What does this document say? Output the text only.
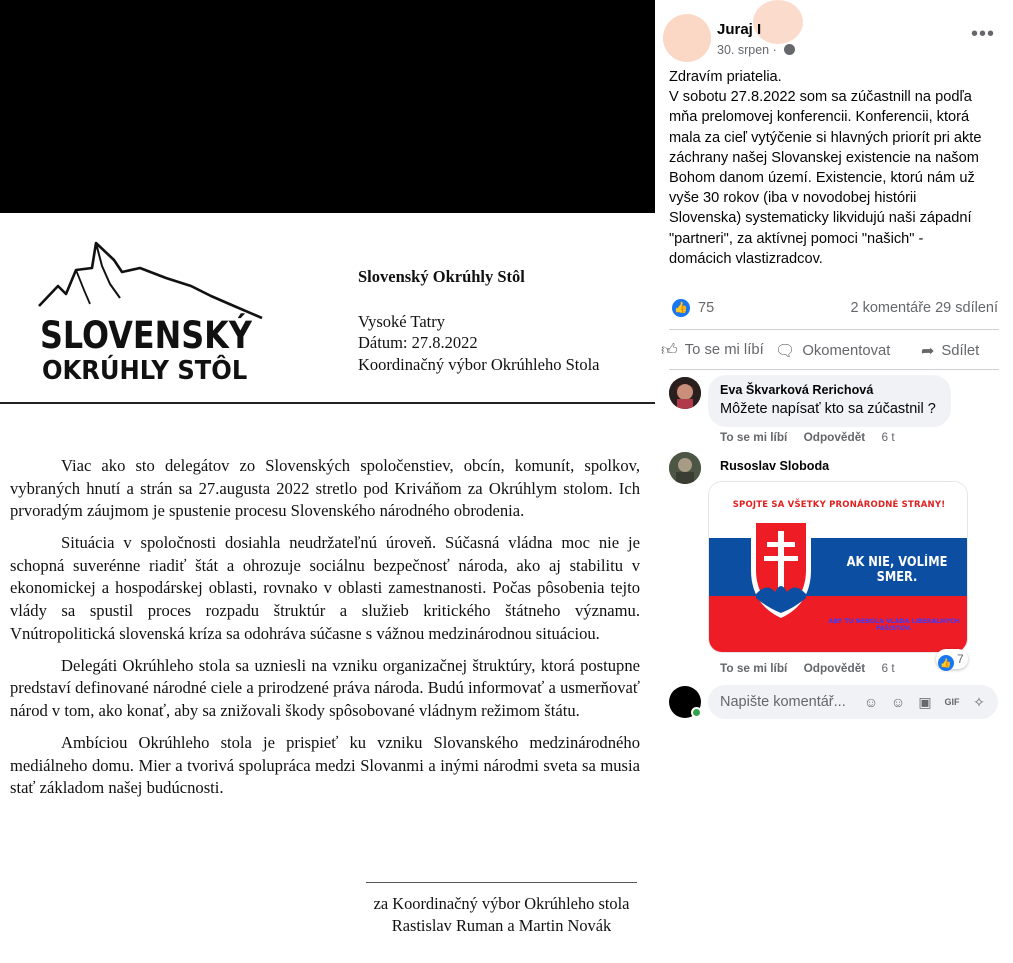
SLOVENSKÝ
OKRÚHLY STÔL
Slovenský Okrúhly Stôl
Vysoké Tatry
Dátum: 27.8.2022
Koordinačný výbor Okrúhleho Stola

Viac ako sto delegátov zo Slovenských spoločenstiev, obcín, komunít, spolkov, vybraných hnutí a strán sa 27.augusta 2022 stretlo pod Kriváňom za Okrúhlym stolom. Ich prvoradým záujmom je spustenie procesu Slovenského národného obrodenia.

Situácia v spoločnosti dosiahla neudržateľnú úroveň. Súčasná vládna moc nie je schopná suverénne riadiť štát a ohrozuje sociálnu bezpečnosť národa, ako aj stabilitu v ekonomickej a hospodárskej oblasti, rovnako v oblasti zamestnanosti. Počas pôsobenia tejto vlády sa spustil proces rozpadu štruktúr a služieb kritického štátneho významu. Vnútropolitická slovenská kríza sa odohráva súčasne s vážnou medzinárodnou situáciou.

Delegáti Okrúhleho stola sa uzniesli na vzniku organizačnej štruktúry, ktorá postupne predstaví definované národné ciele a prirodzené práva národa. Budú informovať a usmerňovať národ v tom, ako konať, aby sa znižovali škody spôsobované vládnym režimom štátu.

Ambíciou Okrúhleho stola je prispieť ku vzniku Slovanského medzinárodného mediálneho domu. Mier a tvorivá spolupráca medzi Slovanmi a inými národmi sveta sa musia stať základom našej budúcnosti.

za Koordinačný výbor Okrúhleho stola
Rastislav Ruman a Martin Novák
Juraj I
30. srpen ·
•••
Zdravím priatelia.
V sobotu 27.8.2022 som sa zúčastnill na podľa
mňa prelomovej konferencii. Konferencii, ktorá
mala za cieľ vytýčenie si hlavných priorít pri akte
záchrany našej Slovanskej existencie na našom
Bohom danom území. Existencie, ktorú nám už
vyše 30 rokov (iba v novodobej histórii
Slovenska) systematicky likvidujú naši západní
"partneri", za aktívnej pomoci "našich" -
domácich vlastizradcov.
👍 75	2 komentáře 29 sdílení
👍︎ To se mi líbí 🗨︎ Okomentovat ➦ Sdílet
Eva Škvarková Rerichová
Môžete napísať kto sa zúčastnil ?
To se mi líbí Odpovědět 6 t
Rusoslav Sloboda
SPOJTE SA VŠETKY PRONÁRODNÉ STRANY!
AK NIE, VOLÍME SMER.
ABY TU NEBOLA VLÁDA LIBERÁLNYCH FAŠISTOV.
To se mi líbí Odpovědět 6 t	👍 7
Napište komentář...
☺ ☺ ▣ GIF ✧
